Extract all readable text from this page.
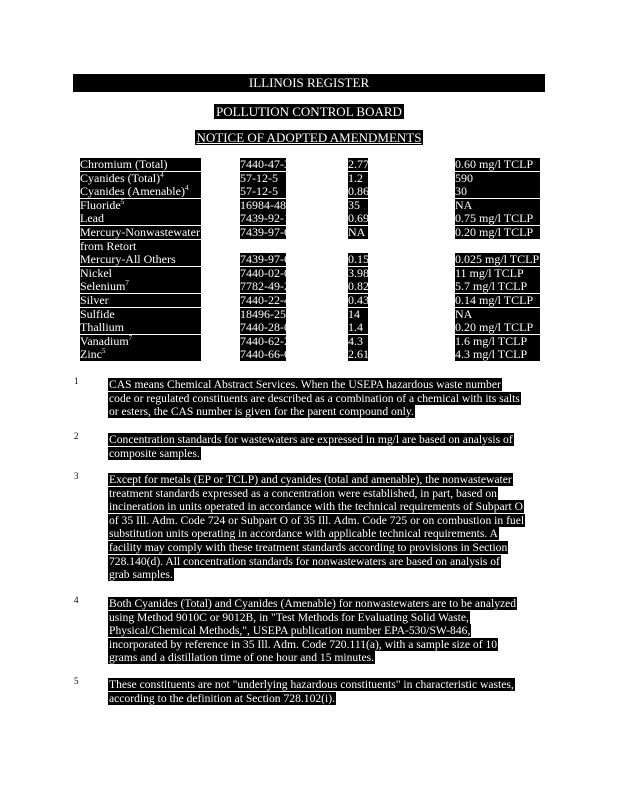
ILLINOIS REGISTER
POLLUTION CONTROL BOARD
NOTICE OF ADOPTED AMENDMENTS
Chromium (Total)	7440-47-3	2.77	0.60 mg/l TCLP
Cyanides (Total)$^4$	57-12-5	1.2	590
Cyanides (Amenable)$^4$	57-12-5	0.86	30
Fluoride$^5$	16984-48-8	35	NA
Lead	7439-92-1	0.69	0.75 mg/l TCLP
Mercury-Nonwastewater	7439-97-6	NA	0.20 mg/l TCLP
from Retort
Mercury-All Others	7439-97-6	0.15	0.025 mg/l TCLP
Nickel	7440-02-0	3.98	11 mg/l TCLP
Selenium$^7$	7782-49-2	0.82	5.7 mg/l TCLP
Silver	7440-22-4	0.43	0.14 mg/l TCLP
Sulfide	18496-25-8	14	NA
Thallium	7440-28-0	1.4	0.20 mg/l TCLP
Vanadium$^7$	7440-62-2	4.3	1.6 mg/l TCLP
Zinc$^5$	7440-66-6	2.61	4.3 mg/l TCLP
1	CAS means Chemical Abstract Services. When the USEPA hazardous waste number
code or regulated constituents are described as a combination of a chemical with its salts
or esters, the CAS number is given for the parent compound only.
2	Concentration standards for wastewaters are expressed in mg/l are based on analysis of
composite samples.
3	Except for metals (EP or TCLP) and cyanides (total and amenable), the nonwastewater
treatment standards expressed as a concentration were established, in part, based on
incineration in units operated in accordance with the technical requirements of Subpart O
of 35 Ill. Adm. Code 724 or Subpart O of 35 Ill. Adm. Code 725 or on combustion in fuel
substitution units operating in accordance with applicable technical requirements. A
facility may comply with these treatment standards according to provisions in Section
728.140(d). All concentration standards for nonwastewaters are based on analysis of
grab samples.
4	Both Cyanides (Total) and Cyanides (Amenable) for nonwastewaters are to be analyzed
using Method 9010C or 9012B, in "Test Methods for Evaluating Solid Waste,
Physical/Chemical Methods,", USEPA publication number EPA-530/SW-846,
incorporated by reference in 35 Ill. Adm. Code 720.111(a), with a sample size of 10
grams and a distillation time of one hour and 15 minutes.
5	These constituents are not "underlying hazardous constituents" in characteristic wastes,
according to the definition at Section 728.102(i).
